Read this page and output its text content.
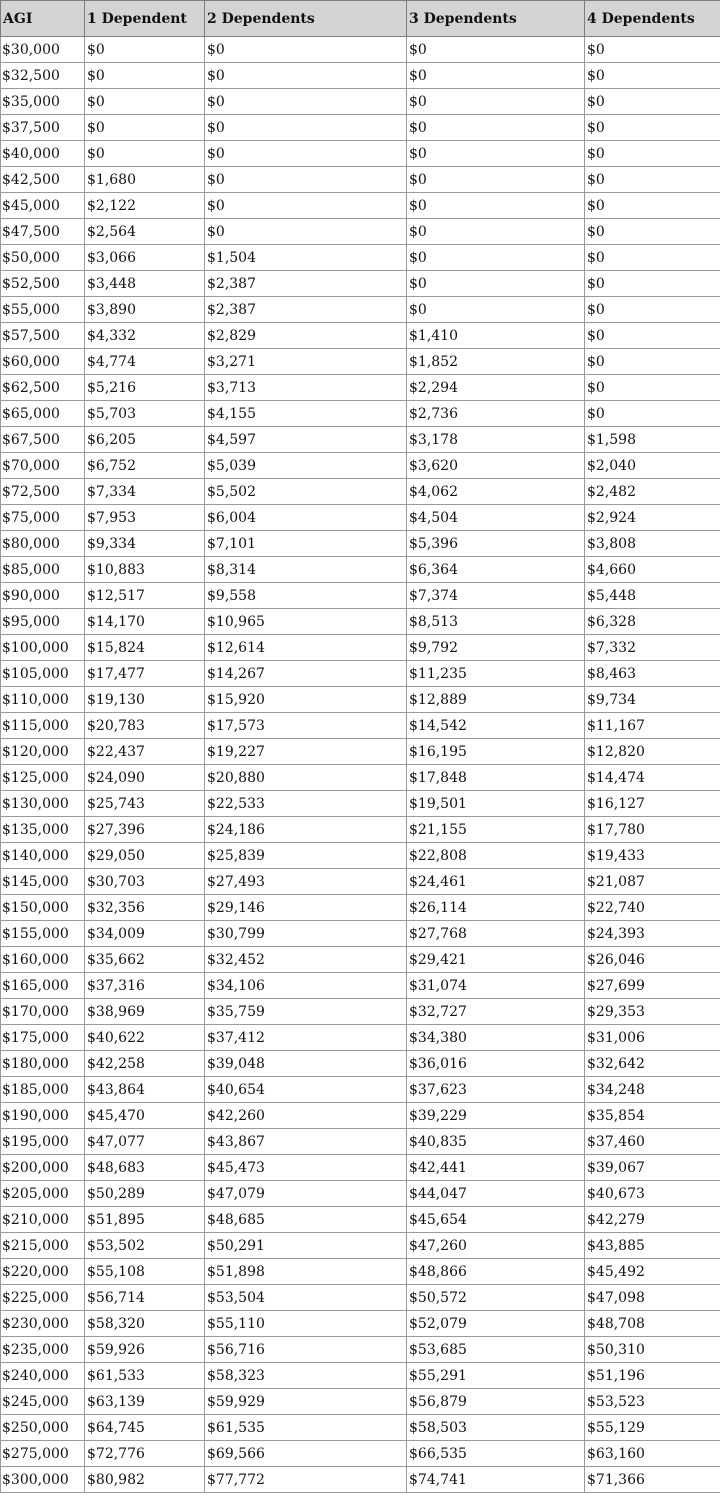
AGI	1 Dependent	2 Dependents	3 Dependents	4 Dependents
$30,000	$0	$0	$0	$0
$32,500	$0	$0	$0	$0
$35,000	$0	$0	$0	$0
$37,500	$0	$0	$0	$0
$40,000	$0	$0	$0	$0
$42,500	$1,680	$0	$0	$0
$45,000	$2,122	$0	$0	$0
$47,500	$2,564	$0	$0	$0
$50,000	$3,066	$1,504	$0	$0
$52,500	$3,448	$2,387	$0	$0
$55,000	$3,890	$2,387	$0	$0
$57,500	$4,332	$2,829	$1,410	$0
$60,000	$4,774	$3,271	$1,852	$0
$62,500	$5,216	$3,713	$2,294	$0
$65,000	$5,703	$4,155	$2,736	$0
$67,500	$6,205	$4,597	$3,178	$1,598
$70,000	$6,752	$5,039	$3,620	$2,040
$72,500	$7,334	$5,502	$4,062	$2,482
$75,000	$7,953	$6,004	$4,504	$2,924
$80,000	$9,334	$7,101	$5,396	$3,808
$85,000	$10,883	$8,314	$6,364	$4,660
$90,000	$12,517	$9,558	$7,374	$5,448
$95,000	$14,170	$10,965	$8,513	$6,328
$100,000	$15,824	$12,614	$9,792	$7,332
$105,000	$17,477	$14,267	$11,235	$8,463
$110,000	$19,130	$15,920	$12,889	$9,734
$115,000	$20,783	$17,573	$14,542	$11,167
$120,000	$22,437	$19,227	$16,195	$12,820
$125,000	$24,090	$20,880	$17,848	$14,474
$130,000	$25,743	$22,533	$19,501	$16,127
$135,000	$27,396	$24,186	$21,155	$17,780
$140,000	$29,050	$25,839	$22,808	$19,433
$145,000	$30,703	$27,493	$24,461	$21,087
$150,000	$32,356	$29,146	$26,114	$22,740
$155,000	$34,009	$30,799	$27,768	$24,393
$160,000	$35,662	$32,452	$29,421	$26,046
$165,000	$37,316	$34,106	$31,074	$27,699
$170,000	$38,969	$35,759	$32,727	$29,353
$175,000	$40,622	$37,412	$34,380	$31,006
$180,000	$42,258	$39,048	$36,016	$32,642
$185,000	$43,864	$40,654	$37,623	$34,248
$190,000	$45,470	$42,260	$39,229	$35,854
$195,000	$47,077	$43,867	$40,835	$37,460
$200,000	$48,683	$45,473	$42,441	$39,067
$205,000	$50,289	$47,079	$44,047	$40,673
$210,000	$51,895	$48,685	$45,654	$42,279
$215,000	$53,502	$50,291	$47,260	$43,885
$220,000	$55,108	$51,898	$48,866	$45,492
$225,000	$56,714	$53,504	$50,572	$47,098
$230,000	$58,320	$55,110	$52,079	$48,708
$235,000	$59,926	$56,716	$53,685	$50,310
$240,000	$61,533	$58,323	$55,291	$51,196
$245,000	$63,139	$59,929	$56,879	$53,523
$250,000	$64,745	$61,535	$58,503	$55,129
$275,000	$72,776	$69,566	$66,535	$63,160
$300,000	$80,982	$77,772	$74,741	$71,366
